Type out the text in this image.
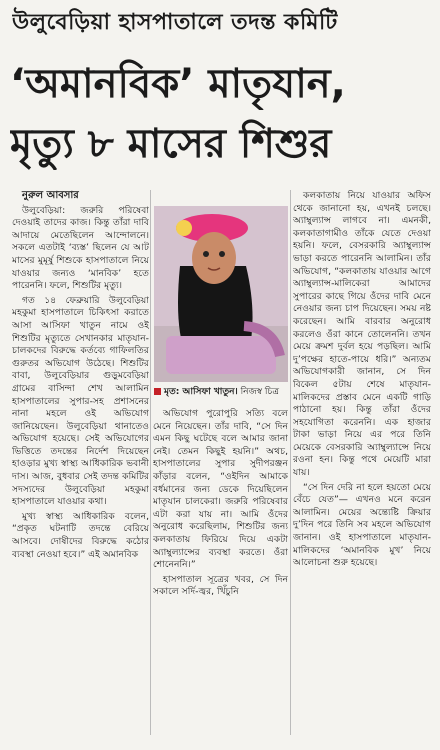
উলুবেড়িয়া হাসপাতালে তদন্ত কমিটি
‘অমানবিক’ মাতৃযান,
মৃত্যু ৮ মাসের শিশুর

নুরুল আবসার

উলুবেড়িয়া: জরুরি পরিষেবা দেওয়াই তাদের কাজ। কিন্তু তাঁরা দাবি আদায়ে মেতেছিলেন আন্দোলনে। সকলে এতটাই ‘ব্যস্ত’ ছিলেন যে আট মাসের মুমূর্ষু শিশুকে হাসপাতালে নিয়ে যাওয়ার জন্যও ‘মানবিক’ হতে পারেননি। ফলে, শিশুটির মৃত্যু।

গত ১৪ ফেব্রুয়ারি উলুবেড়িয়া মহকুমা হাসপাতালে চিকিৎসা করাতে আসা আসিফা খাতুন নামে ওই শিশুটির মৃত্যুতে সেখানকার মাতৃযান-চালকদের বিরুদ্ধে কর্তব্যে গাফিলতির গুরুতর অভিযোগ উঠেছে। শিশুটির বাবা, উলুবেড়িয়ার গুড়ুমবেড়িয়া গ্রামের বাসিন্দা শেখ আলামিন হাসপাতালের সুপার-সহ প্রশাসনের নানা মহলে ওই অভিযোগ জানিয়েছেন। উলুবেড়িয়া থানাতেও অভিযোগ হয়েছে। সেই অভিযোগের ভিত্তিতে তদন্তের নির্দেশ দিয়েছেন হাওড়ার মুখ্য স্বাস্থ্য আধিকারিক ভবানী দাস। আজ, বুধবার সেই তদন্ত কমিটির সদস্যদের উলুবেড়িয়া মহকুমা হাসপাতালে যাওয়ার কথা।

মুখ্য স্বাস্থ্য আধিকারিক বলেন, “প্রকৃত ঘটনাটি তদন্তে বেরিয়ে আসবে। দোষীদের বিরুদ্ধে কঠোর ব্যবস্থা নেওয়া হবে।” এই অমানবিক

মৃত: আসিফা খাতুন। নিজস্ব চিত্র

অভিযোগ পুরোপুরি সত্যি বলে মেনে নিয়েছেন। তাঁর দাবি, “সে দিন এমন কিছু ঘটেছে বলে আমার জানা নেই। তেমন কিছুই হয়নি।” অথচ, হাসপাতালের সুপার সুদীপরঞ্জন কাঁড়ার বলেন, “ওইদিন আমাকে বর্ধমানের জন্য ডেকে দিয়েছিলেন মাতৃযান চালকেরা। জরুরি পরিষেবার এটা করা যায় না। আমি ওঁদের অনুরোধ করেছিলাম, শিশুটির জন্য কলকাতায় ফিরিয়ে দিয়ে একটা অ্যাম্বুল্যান্সের ব্যবস্থা করতে। ওঁরা শোনেননি।”

হাসপাতাল সূত্রের খবর, সে দিন সকালে সর্দি-জ্বর, খিঁচুনি

কলকাতায় নিয়ে যাওয়ার অফিস থেকে জানানো হয়, এখনই চলছে। অ্যাম্বুল্যান্স লাগবে না। এমনকী, কলকাতাগামীও তাঁকে যেতে দেওয়া হয়নি। ফলে, বেসরকারি অ্যাম্বুল্যান্স ভাড়া করতে পারেননি আলামিন। তাঁর অভিযোগ, “কলকাতায় যাওয়ার আগে অ্যাম্বুল্যান্স-মালিকেরা আমাদের সুপারের কাছে গিয়ে ওঁদের দাবি মেনে নেওয়ার জন্য চাপ দিয়েছেন। সময় নষ্ট করেছেন। আমি বারবার অনুরোধ করলেও ওঁরা কানে তোলেননি। তখন মেয়ে ক্রমশ দুর্বল হয়ে পড়ছিল। আমি দু’পক্ষের হাতে-পায়ে ধরি।” অন্যতম অভিযোগকারী জানান, সে দিন বিকেল ৫টায় শেষে মাতৃযান-মালিকদের প্রস্তাব মেনে একটি গাড়ি পাঠানো হয়। কিন্তু তাঁরা ওঁদের সহযোগিতা করেননি। এক হাজার টাকা ভাড়া নিয়ে এর পরে তিনি মেয়েকে বেসরকারি অ্যাম্বুল্যান্সে নিয়ে রওনা হন। কিন্তু পথে মেয়েটি মারা যায়।

“সে দিন দেরি না হলে হয়তো মেয়ে বেঁচে যেত”— এখনও মনে করেন আলামিন। মেয়ের অন্ত্যেষ্টি ক্রিয়ার দু’দিন পরে তিনি সব মহলে অভিযোগ জানান। ওই হাসপাতালে মাতৃযান-মালিকদের ‘অমানবিক মুখ’ নিয়ে আলোচনা শুরু হয়েছে।
